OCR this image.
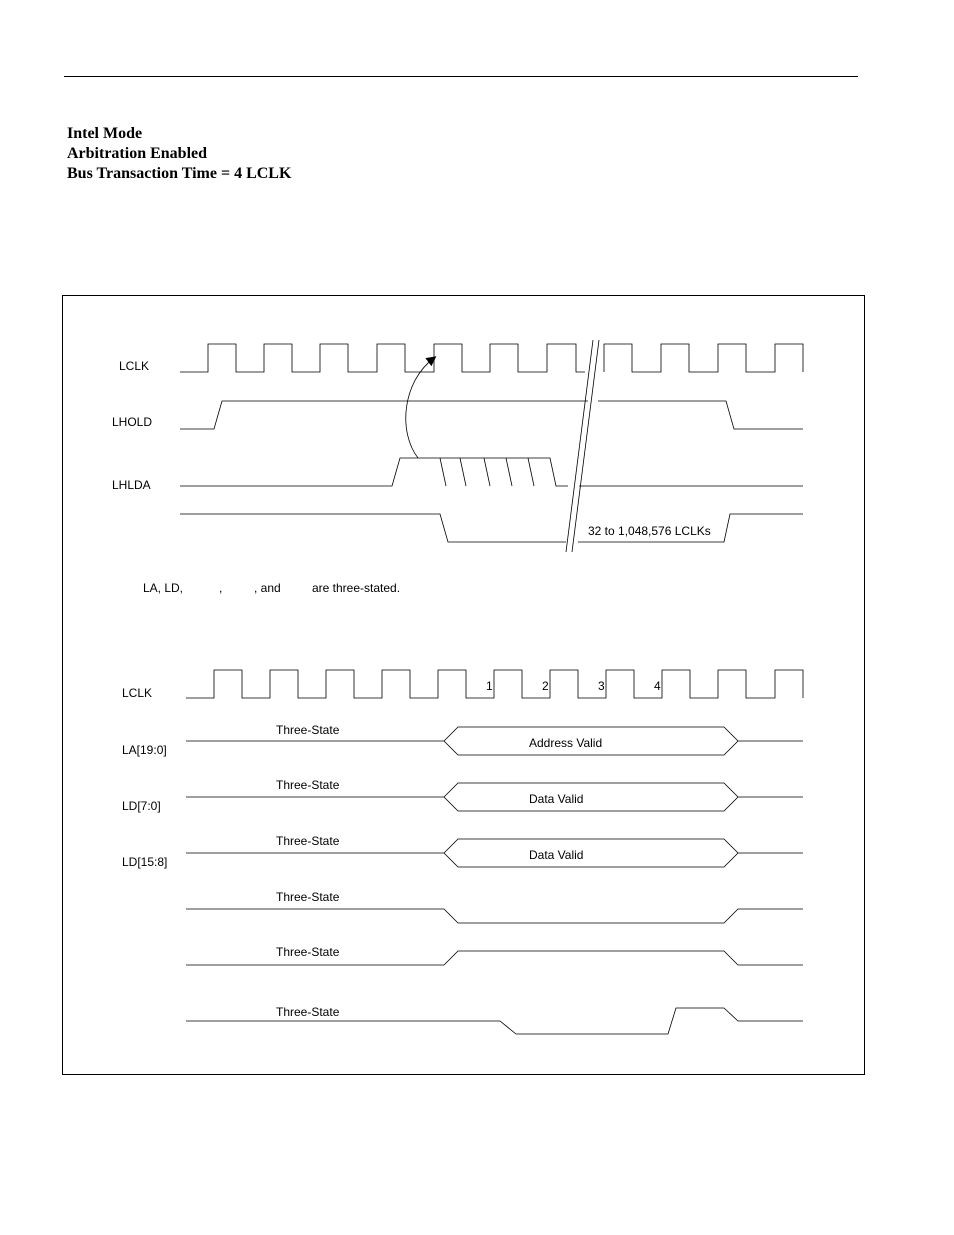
Intel Mode
Arbitration Enabled
Bus Transaction Time = 4 LCLK
LCLK
LHOLD
LHLDA
32 to 1,048,576 LCLKs
LA, LD,	,	, and	are three-stated.
1	2	3	4
LCLK
LA[19:0]
Three-State
Address Valid
LD[7:0]
Three-State
Data Valid
LD[15:8]
Three-State
Data Valid
Three-State
Three-State
Three-State
